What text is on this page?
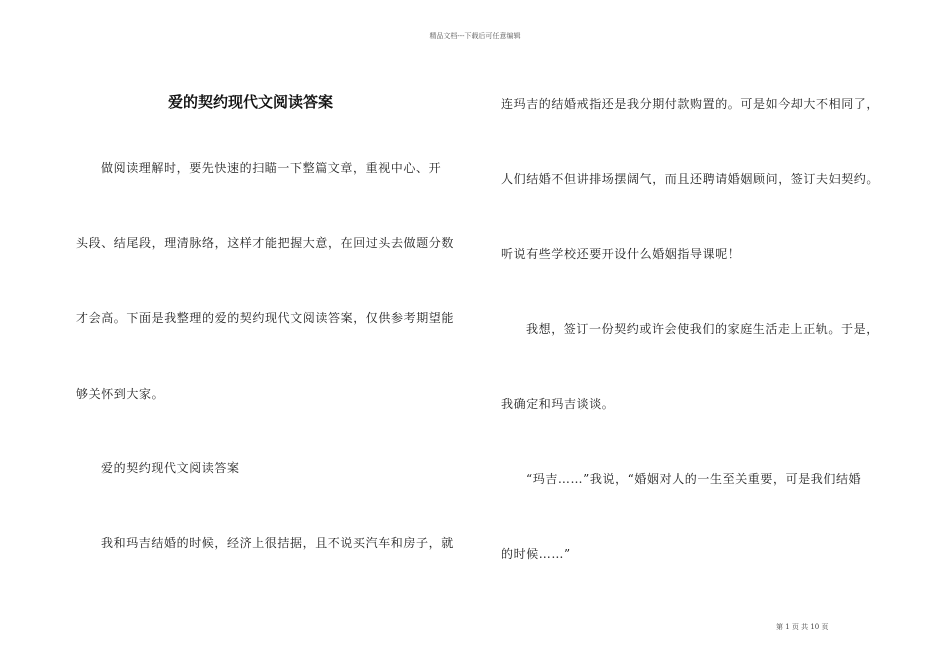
精品文档---下载后可任意编辑
爱的契约现代文阅读答案
做阅读理解时，要先快速的扫瞄一下整篇文章，重视中心、开
头段、结尾段，理清脉络，这样才能把握大意，在回过头去做题分数
才会高。下面是我整理的爱的契约现代文阅读答案，仅供参考期望能
够关怀到大家。
爱的契约现代文阅读答案
我和玛吉结婚的时候，经济上很拮据，且不说买汽车和房子，就
连玛吉的结婚戒指还是我分期付款购置的。可是如今却大不相同了，
人们结婚不但讲排场摆阔气，而且还聘请婚姻顾问，签订夫妇契约。
听说有些学校还要开设什么婚姻指导课呢！
我想，签订一份契约或许会使我们的家庭生活走上正轨。于是，
我确定和玛吉谈谈。
“玛吉……”我说，“婚姻对人的一生至关重要，可是我们结婚
的时候……”
第 1 页 共 10 页
